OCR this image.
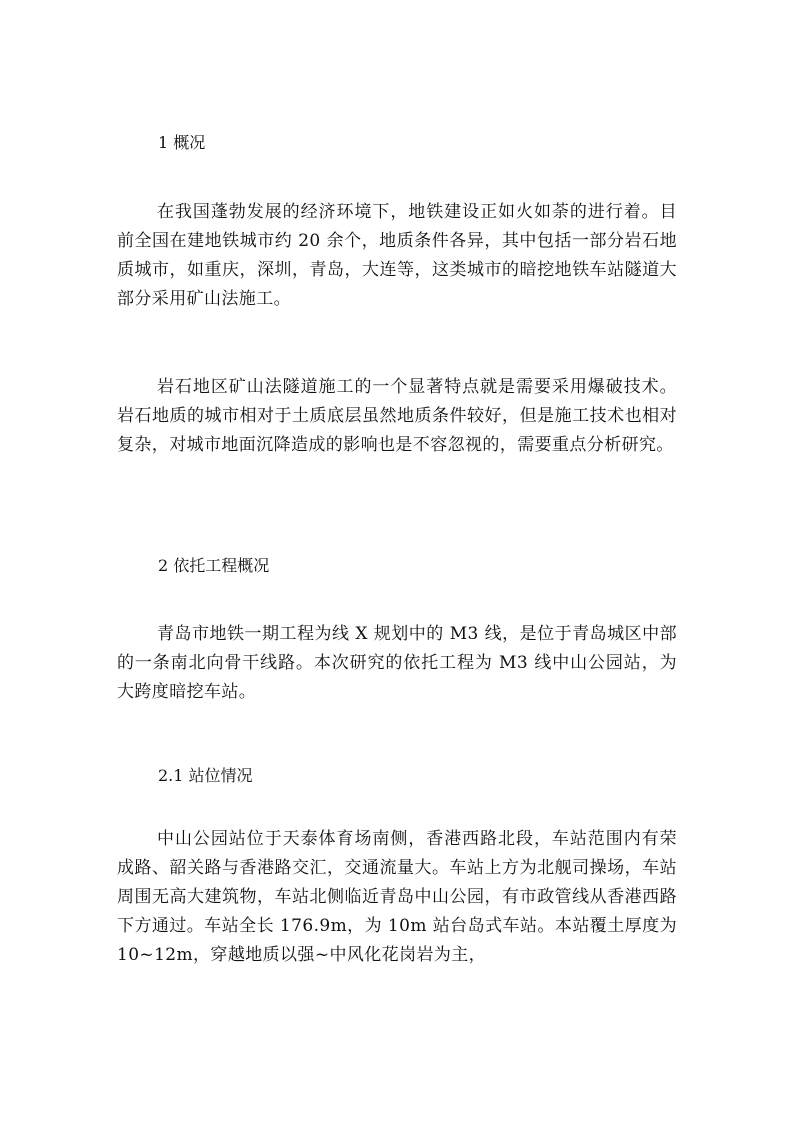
1 概况
在我国蓬勃发展的经济环境下，地铁建设正如火如荼的进行着。目前全国在建地铁城市约 20 余个，地质条件各异，其中包括一部分岩石地质城市，如重庆，深圳，青岛，大连等，这类城市的暗挖地铁车站隧道大部分采用矿山法施工。
岩石地区矿山法隧道施工的一个显著特点就是需要采用爆破技术。岩石地质的城市相对于土质底层虽然地质条件较好，但是施工技术也相对复杂，对城市地面沉降造成的影响也是不容忽视的，需要重点分析研究。
2 依托工程概况
青岛市地铁一期工程为线 X 规划中的 M3 线，是位于青岛城区中部的一条南北向骨干线路。本次研究的依托工程为 M3 线中山公园站，为大跨度暗挖车站。
2.1 站位情况
中山公园站位于天泰体育场南侧，香港西路北段，车站范围内有荣成路、韶关路与香港路交汇，交通流量大。车站上方为北舰司操场，车站周围无高大建筑物，车站北侧临近青岛中山公园，有市政管线从香港西路下方通过。车站全长 176.9m，为 10m 站台岛式车站。本站覆土厚度为 10~12m，穿越地质以强~中风化花岗岩为主，
